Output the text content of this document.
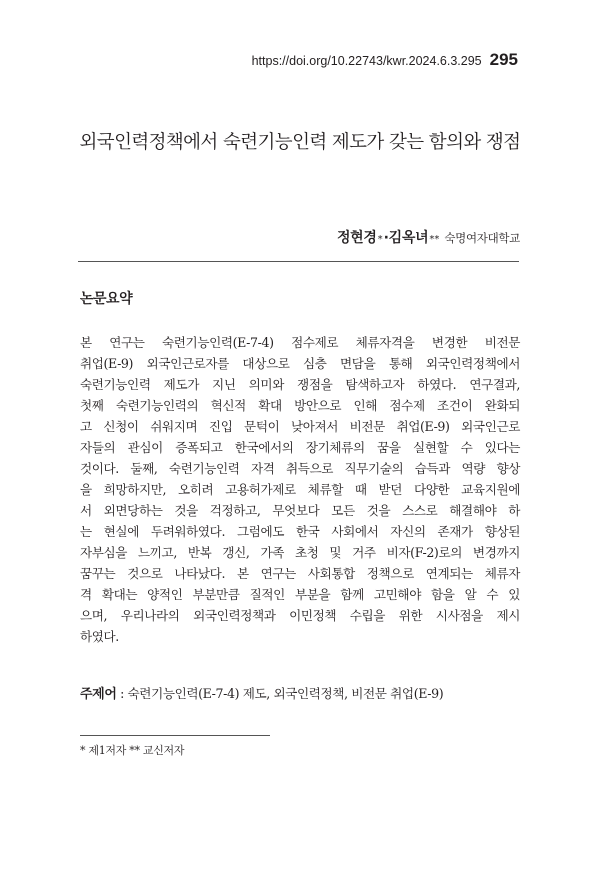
https://doi.org/10.22743/kwr.2024.6.3.295 295
외국인력정책에서 숙련기능인력 제도가 갖는 함의와 쟁점
정현경 * · 김옥녀 ** 숙명여자대학교
논문요약
본 연구는 숙련기능인력(E-7-4) 점수제로 체류자격을 변경한 비전문
취업(E-9) 외국인근로자를 대상으로 심층 면담을 통해 외국인력정책에서
숙련기능인력 제도가 지닌 의미와 쟁점을 탐색하고자 하였다. 연구결과,
첫째 숙련기능인력의 혁신적 확대 방안으로 인해 점수제 조건이 완화되
고 신청이 쉬워지며 진입 문턱이 낮아져서 비전문 취업(E-9) 외국인근로
자들의 관심이 증폭되고 한국에서의 장기체류의 꿈을 실현할 수 있다는
것이다. 둘째, 숙련기능인력 자격 취득으로 직무기술의 습득과 역량 향상
을 희망하지만, 오히려 고용허가제로 체류할 때 받던 다양한 교육지원에
서 외면당하는 것을 걱정하고, 무엇보다 모든 것을 스스로 해결해야 하
는 현실에 두려워하였다. 그럼에도 한국 사회에서 자신의 존재가 향상된
자부심을 느끼고, 반복 갱신, 가족 초청 및 거주 비자(F-2)로의 변경까지
꿈꾸는 것으로 나타났다. 본 연구는 사회통합 정책으로 연계되는 체류자
격 확대는 양적인 부분만큼 질적인 부분을 함께 고민해야 함을 알 수 있
으며, 우리나라의 외국인력정책과 이민정책 수립을 위한 시사점을 제시
하였다.
주제어 : 숙련기능인력(E-7-4) 제도, 외국인력정책, 비전문 취업(E-9)
* 제1저자 ** 교신저자
